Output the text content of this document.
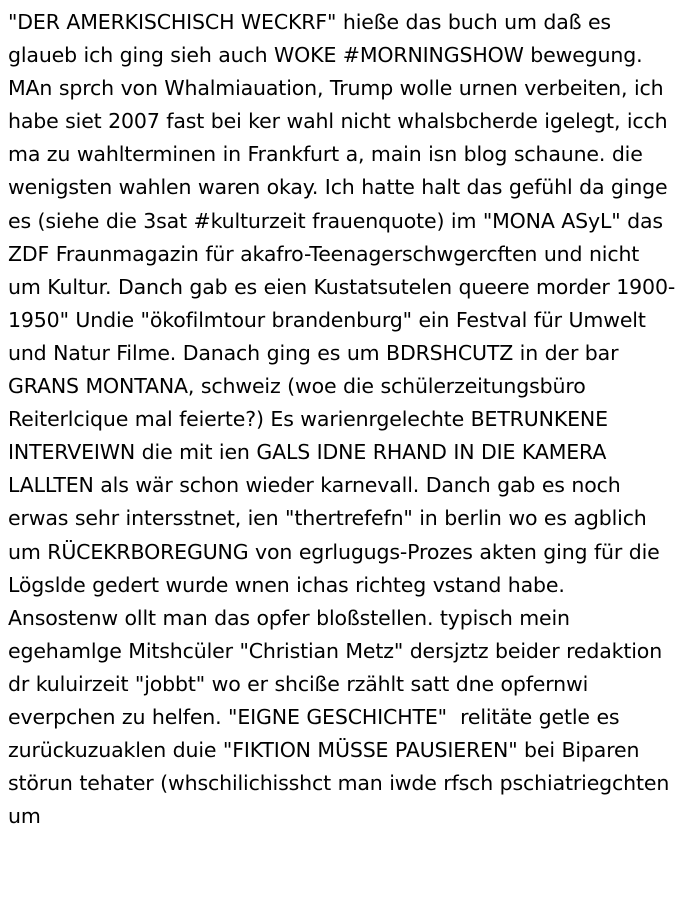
"DER AMERKISCHISCH WECKRF" hieße das buch um daß es glaueb ich ging sieh auch WOKE #MORNINGSHOW bewegung. MAn sprch von Whalmiauation, Trump wolle urnen verbeiten, ich habe siet 2007 fast bei ker wahl nicht whalsbcherde igelegt, icch ma zu wahlterminen in Frankfurt a, main isn blog schaune. die wenigsten wahlen waren okay. Ich hatte halt das gefühl da ginge es (siehe die 3sat #kulturzeit frauenquote) im "MONA ASyL" das ZDF Fraunmagazin für akafro-Teenagerschwgercften und nicht um Kultur. Danch gab es eien Kustatsutelen queere morder 1900-1950" Undie "ökofilmtour brandenburg" ein Festval für Umwelt und Natur Filme. Danach ging es um BDRSHCUTZ in der bar GRANS MONTANA, schweiz (woe die schülerzeitungsbüro Reiterlcique mal feierte?) Es warienrgelechte BETRUNKENE INTERVEIWN die mit ien GALS IDNE RHAND IN DIE KAMERA LALLTEN als wär schon wieder karnevall. Danch gab es noch erwas sehr intersstnet, ien "thertrefefn" in berlin wo es agblich um RÜCEKRBOREGUNG von egrlugugs-Prozes akten ging für die Lögslde gedert wurde wnen ichas richteg vstand habe. Ansostenw ollt man das opfer bloßstellen. typisch mein egehamlge Mitshcüler "Christian Metz" dersjztz beider redaktion dr kuluirzeit "jobbt" wo er shciße rzählt satt dne opfernwi everpchen zu helfen. "EIGNE GESCHICHTE"  relitäte getle es zurückuzuaklen duie "FIKTION MÜSSE PAUSIEREN" bei Biparen störun tehater (whschilichisshct man iwde rfsch pschiatriegchten um
